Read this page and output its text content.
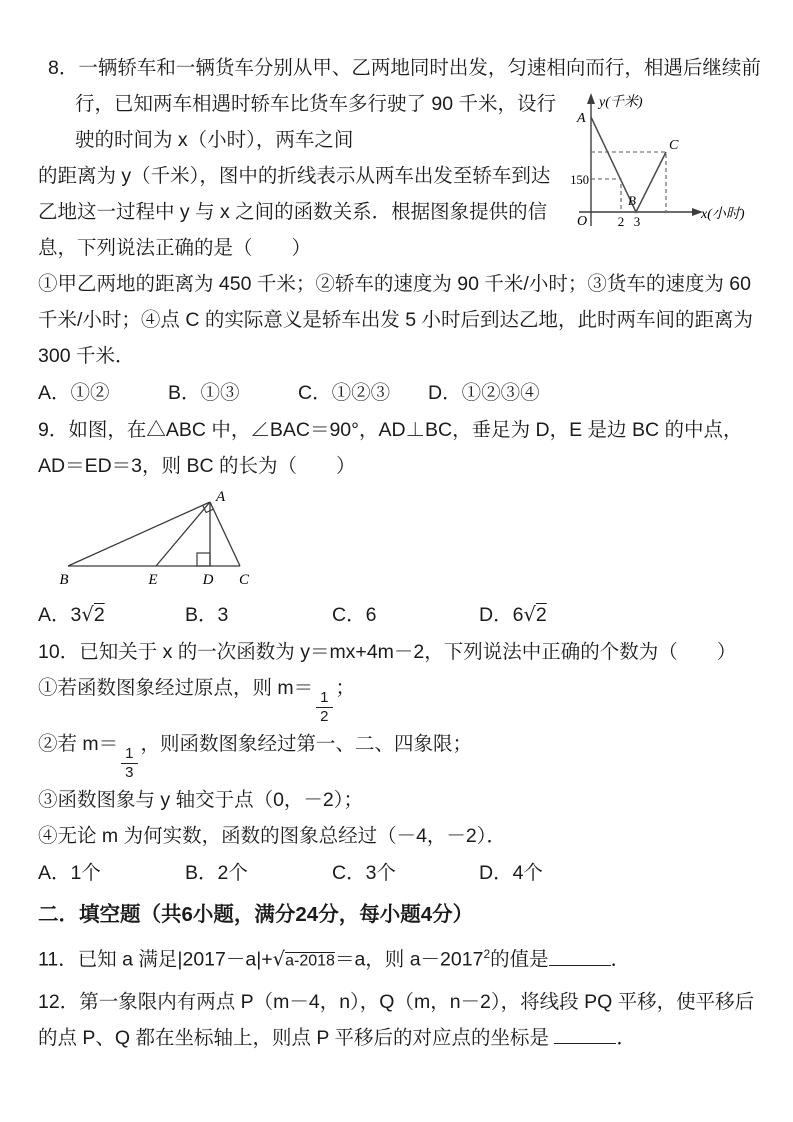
8．一辆轿车和一辆货车分别从甲、乙两地同时出发，匀速相向而行，相遇后继续前

y(千米)
x(小时)
A
B
C
150
O 2 3

行，已知两车相遇时轿车比货车多行驶了 90 千米，设行驶的时间为 x（小时），两车之间

的距离为 y（千米），图中的折线表示从两车出发至轿车到达乙地这一过程中 y 与 x 之间的函数关系．根据图象提供的信息，下列说法正确的是（　　）

①甲乙两地的距离为 450 千米；②轿车的速度为 90 千米/小时；③货车的速度为 60 千米/小时；④点 C 的实际意义是轿车出发 5 小时后到达乙地，此时两车间的距离为 300 千米．

A．①②	B．①③	C．①②③	D．①②③④

9．如图，在△ABC 中，∠BAC＝90°，AD⊥BC，垂足为 D，E 是边 BC 的中点，AD＝ED＝3，则 BC 的长为（　　）

A
B	E	D C
A．3√2	B．3	C．6	D．6√2

10．已知关于 x 的一次函数为 y＝mx+4m－2，下列说法中正确的个数为（　　）

①若函数图象经过原点，则 m＝
$\frac{1}{2}$
；

②若 m＝
$\frac{1}{3}$
，则函数图象经过第一、二、四象限；

③函数图象与 y 轴交于点（0，－2）；

④无论 m 为何实数，函数的图象总经过（－4，－2）．

A．1个	B．2个	C．3个	D．4个
二．填空题（共6小题，满分24分，每小题4分）

11．已知 a 满足|2017－a|+√a-2018＝a，则 $a-2017^2$的值是	．

12．第一象限内有两点 P（m－4，n），Q（m，n－2），将线段 PQ 平移，使平移后的点 P、Q 都在坐标轴上，则点 P 平移后的对应点的坐标是	．
